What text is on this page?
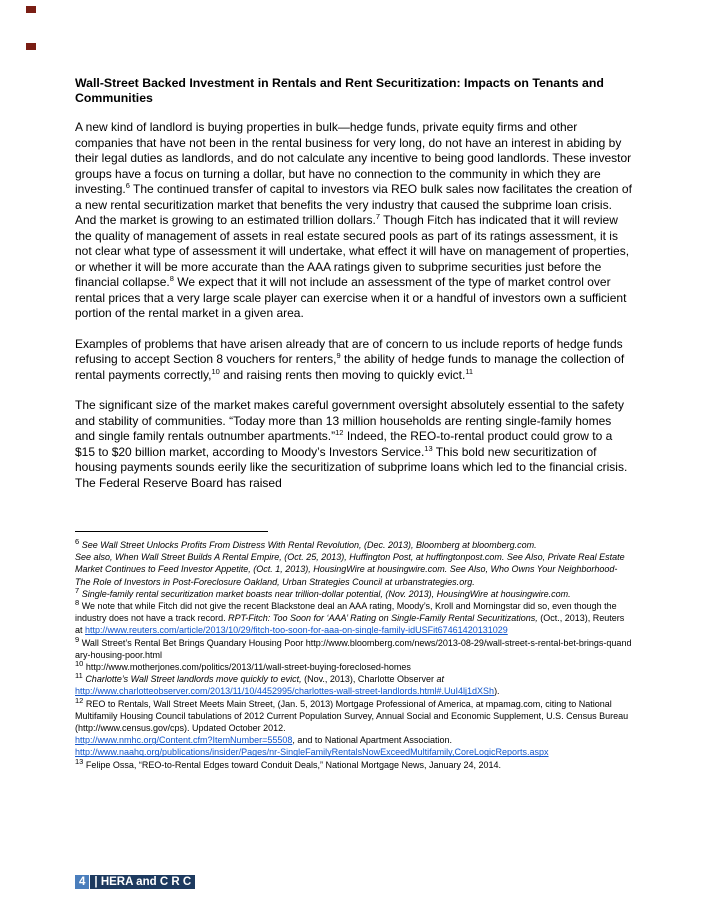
Wall-Street Backed Investment in Rentals and Rent Securitization: Impacts on Tenants and Communities

A new kind of landlord is buying properties in bulk—hedge funds, private equity firms and other companies that have not been in the rental business for very long, do not have an interest in abiding by their legal duties as landlords, and do not calculate any incentive to being good landlords. These investor groups have a focus on turning a dollar, but have no connection to the community in which they are investing.$^6$ The continued transfer of capital to investors via REO bulk sales now facilitates the creation of a new rental securitization market that benefits the very industry that caused the subprime loan crisis. And the market is growing to an estimated trillion dollars.$^7$ Though Fitch has indicated that it will review the quality of management of assets in real estate secured pools as part of its ratings assessment, it is not clear what type of assessment it will undertake, what effect it will have on management of properties, or whether it will be more accurate than the AAA ratings given to subprime securities just before the financial collapse.$^8$ We expect that it will not include an assessment of the type of market control over rental prices that a very large scale player can exercise when it or a handful of investors own a sufficient portion of the rental market in a given area.

Examples of problems that have arisen already that are of concern to us include reports of hedge funds refusing to accept Section 8 vouchers for renters,$^9$ the ability of hedge funds to manage the collection of rental payments correctly,$^{10}$ and raising rents then moving to quickly evict.$^{11}$

The significant size of the market makes careful government oversight absolutely essential to the safety and stability of communities. “Today more than 13 million households are renting single-family homes and single family rentals outnumber apartments.”$^{12}$ Indeed, the REO-to-rental product could grow to a $15 to $20 billion market, according to Moody’s Investors Service.$^{13}$ This bold new securitization of housing payments sounds eerily like the securitization of subprime loans which led to the financial crisis. The Federal Reserve Board has raised

$^6$ See Wall Street Unlocks Profits From Distress With Rental Revolution, (Dec. 2013), Bloomberg at bloomberg.com.
See also, When Wall Street Builds A Rental Empire, (Oct. 25, 2013), Huffington Post, at huffingtonpost.com. See Also, Private Real Estate Market Continues to Feed Investor Appetite, (Oct. 1, 2013), HousingWire at housingwire.com. See Also, Who Owns Your Neighborhood- The Role of Investors in Post-Foreclosure Oakland, Urban Strategies Council at urbanstrategies.org.
$^7$ Single-family rental securitization market boasts near trillion-dollar potential, (Nov. 2013), HousingWire at housingwire.com.
$^8$ We note that while Fitch did not give the recent Blackstone deal an AAA rating, Moody’s, Kroll and Morningstar did so, even though the industry does not have a track record. RPT-Fitch: Too Soon for ‘AAA’ Rating on Single-Family Rental Securitizations, (Oct., 2013), Reuters at http://www.reuters.com/article/2013/10/29/fitch-too-soon-for-aaa-on-single-family-idUSFit67461420131029
$^9$ Wall Street’s Rental Bet Brings Quandary Housing Poor http://www.bloomberg.com/news/2013-08-29/wall-street-s-rental-bet-brings-quandary-housing-poor.html
$^{10}$ http://www.motherjones.com/politics/2013/11/wall-street-buying-foreclosed-homes
$^{11}$ Charlotte’s Wall Street landlords move quickly to evict, (Nov., 2013), Charlotte Observer at
http://www.charlotteobserver.com/2013/11/10/4452995/charlottes-wall-street-landlords.html#.UuI4lj1dXSh).
$^{12}$ REO to Rentals, Wall Street Meets Main Street, (Jan. 5, 2013) Mortgage Professional of America, at mpamag.com, citing to National Multifamily Housing Council tabulations of 2012 Current Population Survey, Annual Social and Economic Supplement, U.S. Census Bureau (http://www.census.gov/cps). Updated October 2012.
http://www.nmhc.org/Content.cfm?ItemNumber=55508, and to National Apartment Association.
http://www.naahq.org/publications/insider/Pages/nr-SingleFamilyRentalsNowExceedMultifamily,CoreLogicReports.aspx
$^{13}$ Felipe Ossa, “REO-to-Rental Edges toward Conduit Deals,” National Mortgage News, January 24, 2014.
4 | HERA and C R C
